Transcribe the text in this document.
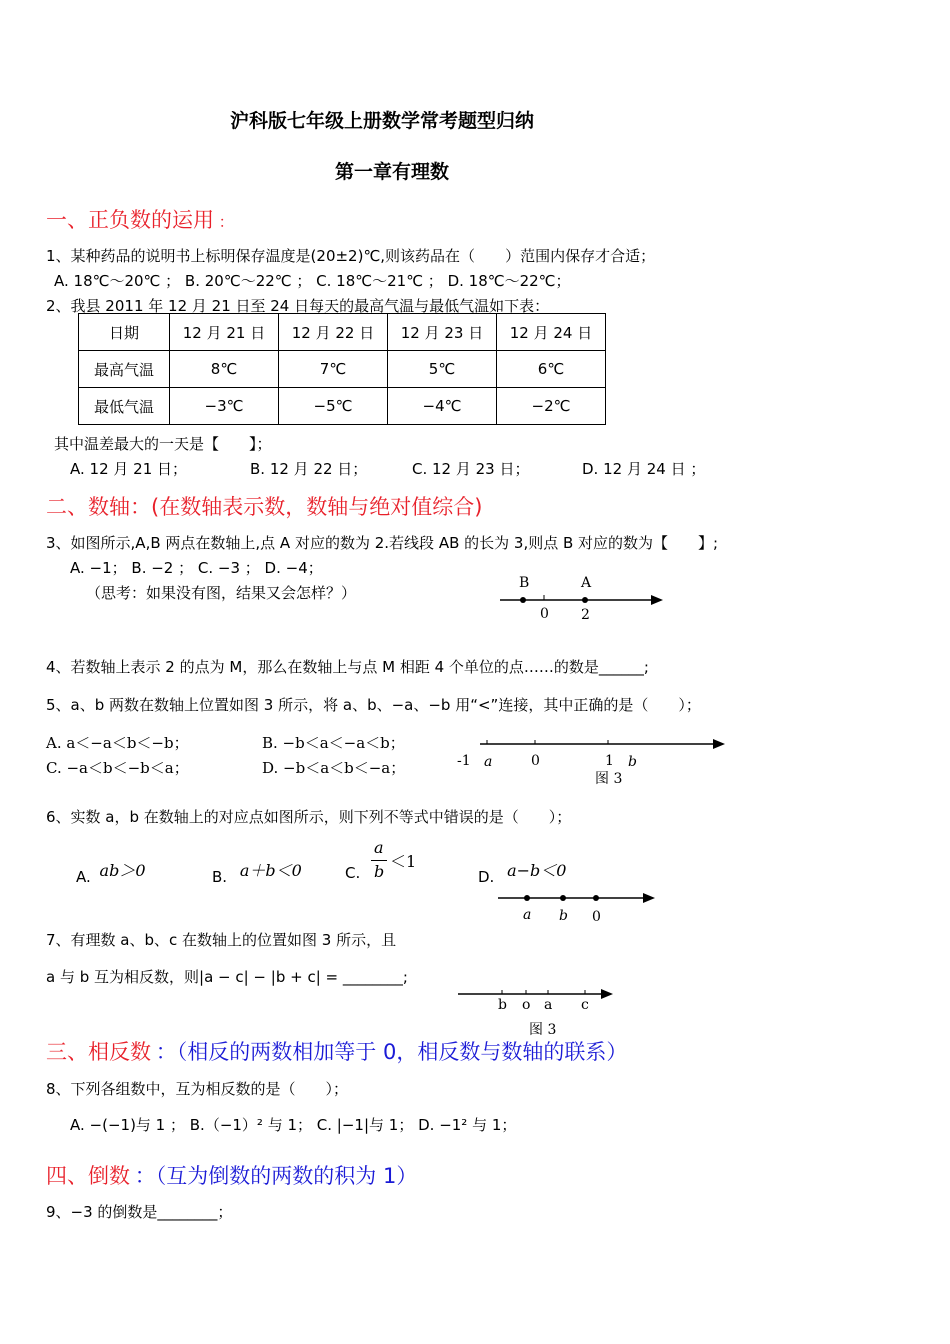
沪科版七年级上册数学常考题型归纳
第一章有理数
一、正负数的运用 ：
1、某种药品的说明书上标明保存温度是(20±2)℃,则该药品在（　　）范围内保存才合适；
A. 18℃～20℃ ； B. 20℃～22℃ ； C. 18℃～21℃ ； D. 18℃～22℃；
2、我县 2011 年 12 月 21 日至 24 日每天的最高气温与最低气温如下表：
日期	12 月 21 日	12 月 22 日	12 月 23 日	12 月 24 日
最高气温	8℃	7℃	5℃	6℃
最低气温	−3℃	−5℃	−4℃	−2℃
其中温差最大的一天是【　　】；
A. 12 月 21 日；	B. 12 月 22 日；	C. 12 月 23 日；	D. 12 月 24 日 ；
二、数轴：(在数轴表示数，数轴与绝对值综合)
3、如图所示,A,B 两点在数轴上,点 A 对应的数为 2.若线段 AB 的长为 3,则点 B 对应的数为【　　】;
A. −1； B. −2 ； C. −3 ； D. −4；
（思考：如果没有图，结果又会怎样？）
B	A
0 2
4、若数轴上表示 2 的点为 M，那么在数轴上与点 M 相距 4 个单位的点……的数是______;
5、a、b 两数在数轴上位置如图 3 所示，将 a、b、−a、−b 用“<”连接，其中正确的是（　　）；
A. a＜−a＜b＜−b；	B. −b＜a＜−a＜b；
C. −a＜b＜−b＜a；	D. −b＜a＜b＜−a；	-1 a	0	1 b
图 3
6、实数 a，b 在数轴上的对应点如图所示，则下列不等式中错误的是（　　）；
A. ab＞0	B. a＋b＜0	C.
a
b
＜1
D. a−b＜0
a b 0
7、有理数 a、b、c 在数轴上的位置如图 3 所示，且
a 与 b 互为相反数，则|a − c| − |b + c| = ________;
b o a c
图 3
三、相反数 ：（相反的两数相加等于 0，相反数与数轴的联系）
8、下列各组数中，互为相反数的是（　　）；
A. −(−1)与 1 ； B.（−1）² 与 1； C. |−1|与 1； D. −1² 与 1；
四、倒数 ：（互为倒数的两数的积为 1）
9、−3 的倒数是________；
